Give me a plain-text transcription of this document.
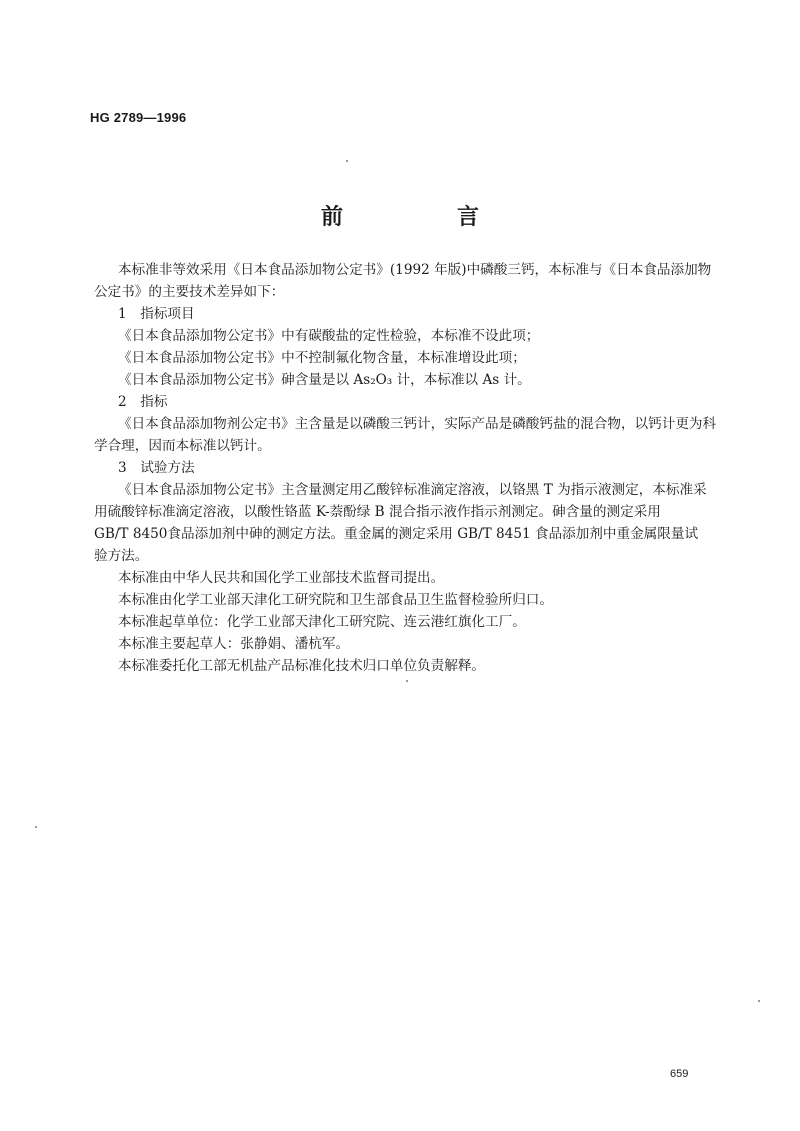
HG 2789—1996
前　言
本标准非等效采用《日本食品添加物公定书》(1992 年版)中磷酸三钙，本标准与《日本食品添加物
公定书》的主要技术差异如下：
1　指标项目
《日本食品添加物公定书》中有碳酸盐的定性检验，本标准不设此项；
《日本食品添加物公定书》中不控制氟化物含量，本标准增设此项；
《日本食品添加物公定书》砷含量是以 As₂O₃ 计，本标准以 As 计。
2　指标
《日本食品添加物剂公定书》主含量是以磷酸三钙计，实际产品是磷酸钙盐的混合物，以钙计更为科
学合理，因而本标准以钙计。
3　试验方法
《日本食品添加物公定书》主含量测定用乙酸锌标准滴定溶液，以铬黑 T 为指示液测定，本标准采
用硫酸锌标准滴定溶液，以酸性铬蓝 K-萘酚绿 B 混合指示液作指示剂测定。砷含量的测定采用
GB/T 8450食品添加剂中砷的测定方法。重金属的测定采用 GB/T 8451 食品添加剂中重金属限量试
验方法。
本标准由中华人民共和国化学工业部技术监督司提出。
本标准由化学工业部天津化工研究院和卫生部食品卫生监督检验所归口。
本标准起草单位：化学工业部天津化工研究院、连云港红旗化工厂。
本标准主要起草人：张静娟、潘杭军。
本标准委托化工部无机盐产品标准化技术归口单位负责解释。
659
